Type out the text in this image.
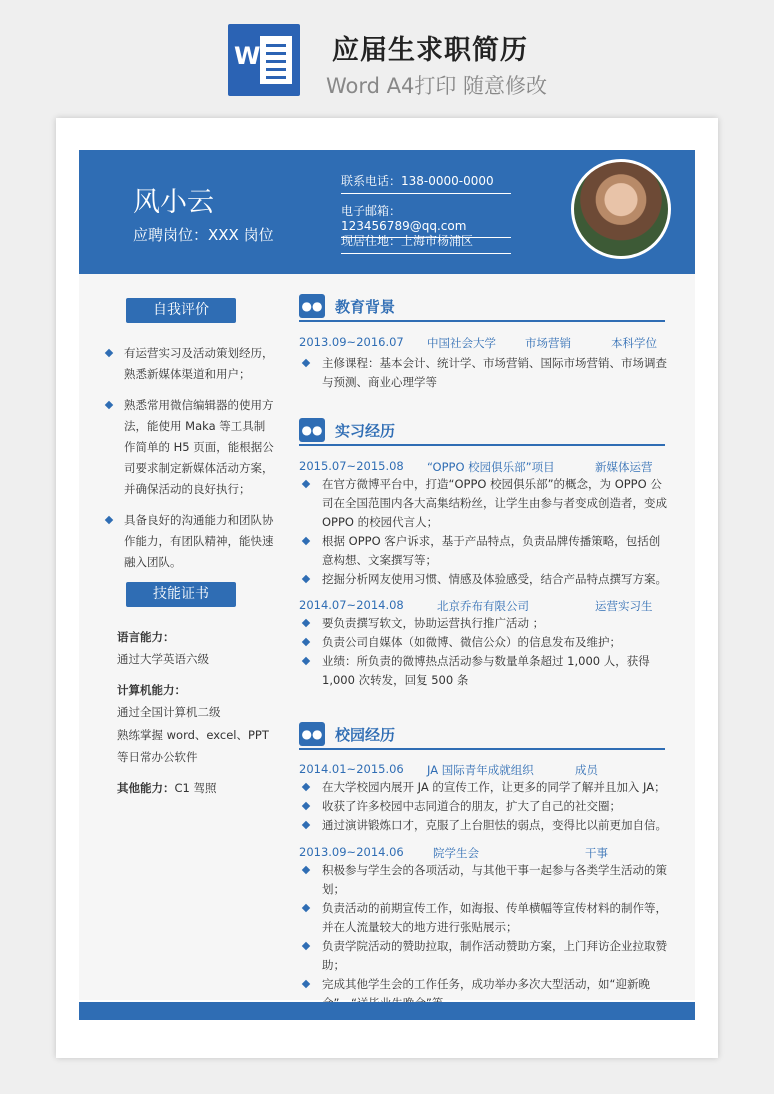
W	应届生求职简历
Word A4打印 随意修改
风小云
应聘岗位：XXX 岗位
联系电话：138-0000-0000
电子邮箱：123456789@qq.com
现居住地：上海市杨浦区
自我评价
有运营实习及活动策划经历，熟悉新媒体渠道和用户；
熟悉常用微信编辑器的使用方法，能使用 Maka 等工具制作简单的 H5 页面，能根据公司要求制定新媒体活动方案，并确保活动的良好执行；
具备良好的沟通能力和团队协作能力，有团队精神，能快速融入团队。
技能证书
语言能力：
通过大学英语六级
计算机能力：
通过全国计算机二级
熟练掌握 word、excel、PPT
等日常办公软件
其他能力：C1 驾照
●● 教育背景
2013.09~2016.07 中国社会大学	市场营销	本科学位
主修课程：基本会计、统计学、市场营销、国际市场营销、市场调查与预测、商业心理学等
●● 实习经历
2015.07~2015.08 “OPPO 校园俱乐部”项目	新媒体运营
在官方微博平台中，打造“OPPO 校园俱乐部”的概念，为 OPPO 公司在全国范围内各大高集结粉丝，让学生由参与者变成创造者，变成 OPPO 的校园代言人；
根据 OPPO 客户诉求，基于产品特点，负责品牌传播策略，包括创意构想、文案撰写等；
挖掘分析网友使用习惯、情感及体验感受，结合产品特点撰写方案。
2014.07~2014.08	北京乔布有限公司	运营实习生
要负责撰写软文，协助运营执行推广活动 ；
负责公司自媒体（如微博、微信公众）的信息发布及维护；
业绩：所负责的微博热点活动参与数量单条超过 1,000 人，获得 1,000 次转发，回复 500 条
●● 校园经历
2014.01~2015.06 JA 国际青年成就组织	成员
在大学校园内展开 JA 的宣传工作，让更多的同学了解并且加入 JA；
收获了许多校园中志同道合的朋友，扩大了自己的社交圈；
通过演讲锻炼口才，克服了上台胆怯的弱点，变得比以前更加自信。
2013.09~2014.06	院学生会	干事
积极参与学生会的各项活动，与其他干事一起参与各类学生活动的策划；
负责活动的前期宣传工作，如海报、传单横幅等宣传材料的制作等，并在人流量较大的地方进行张贴展示；
负责学院活动的赞助拉取，制作活动赞助方案，上门拜访企业拉取赞助；
完成其他学生会的工作任务，成功举办多次大型活动，如“迎新晚
